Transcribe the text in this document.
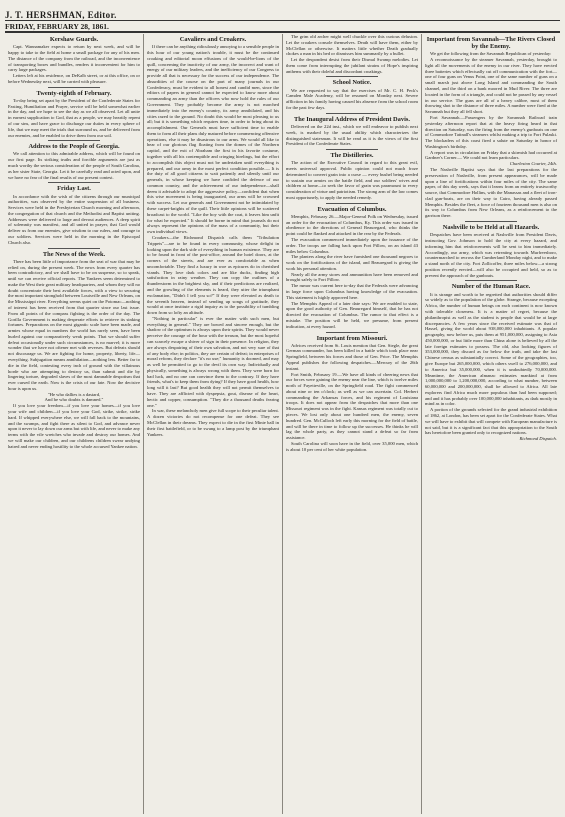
J. T. HERSHMAN, Editor.
FRIDAY, FEBRUARY 28, 1861.
Kershaw Guards.

Capt. Wannamaker expects to return by next week, and will be happy to take to the field at home a small package for any of his men. The distance of the company from the railroad, and the inconvenience of transporting boxes and bundles, renders it inconvenient for him to carry large packages.

Letters left at his residence, on DeKalb street, or at this office, on or before Wednesday next, will be carried with pleasure.

Twenty-eighth of February.

To-day being set apart by the President of the Confederate States for Fasting, Humiliation and Prayer, service will be held somewhat earlier in the day, and we hope to see the day as we all observed. Let all unite in earnest supplication to God, that as a people, we may heartily repent of our sins, and have grace to discharge our duties in every sphere of life, that we may meet the trials that surround us, and be delivered from our enemies, and be enabled to drive them from our soil.

Address to the People of Georgia.

We call attention to this admirable address, which will be found on our first page. Its striking truths and forcible arguments are just as much worthy the serious consideration of the people of South Carolina, as her sister State, Georgia. Let it be carefully read and acted upon, and we have no fear of the final results of our present contest.

Friday Last.

In accordance with the wish of the citizens through our municipal authorities, was observed by the entire suspension of all business. Services were held in the Presbyterian Church morning and afternoon, the congregation of that church and the Methodist and Baptist uniting. Addresses were delivered to large and devout audiences. A deep spirit of solemnity was manifest, and all united in prayer, that God would deliver us from our enemies, give wisdom to our rulers, and courage to our soldiers. Services were held in the morning in the Episcopal Church also.

The News of the Week.

There has been little of importance from the seat of war that may be relied on, during the present week. The news from every quarter has been contradictory, and we shall have to be on suspense, so to speak, until we can receive official reports. The Yankees seem determined to make the West their great military headquarters, and whom they will no doubt concentrate their best available forces, with a view to securing the most important stronghold between Louisville and New Orleans, on the Mississippi river. Everything seems quiet on the Potomac—nothing of interest has been received from that quarter since our last issue. From all points of the compass fighting is the order of the day. The Gorilla Government is making desperate efforts to retrieve its sinking fortunes. Preparations on the most gigantic scale have been made, and armies whose equal in numbers the world has rarely seen, have been hurled against our comparatively weak points. That we should suffer defeat occasionally under such circumstances, is no marvel; it is more wonder that we have not oftener met with reverses. But defeats should not discourage us. We are fighting for home, property, liberty, life—everything. Subjugation means annihilation—nothing less. Better far to die in the field, contesting every inch of ground with the villainous horde who are attempting to destroy us, than submit and die by lingering torture, degraded slaves of the most damnable despotism that ever cursed the earth. Now is the crisis of our fate. Now the decisive hour is upon us.

"He who dallies is a dastard,

And he who doubts is damned."

If you love your freedom—if you love your homes—if you love your wife and children—if you love your God, strike, strike, strike hard. If whipped everywhere else, we will fall back to the mountains, and the swamps, and fight there as silent to God, and advance never upon it never to lay down our arms but with life, and never to make any terms with the vile wretches who invade and destroy our homes. And we will make our children, and our childrens children swear undying hatred and never ending hostility to the whole accursed Yankee nation.

Cavaliers and Croakers.

If there can be anything ridiculously annoying to a sensible people in this hour of our young nation's trouble, it must be the continued croaking and editorial moon effusions of the would-be-lions of the quill, concerning the inactivity of our army, the incorrect and want of energy of our military leaders, and the inefficiency of our Congress to provide all that is necessary for the success of our independence. The absurdities of the course on the part of many journals in our Confederacy, must be evident to all honest and candid men, since the editors of papers in general cannot be expected to know more about commanding an army than the officers who now hold the rules of our Government. They probably become the army is not marched immediately into the enemy's country, its army annihilated, and his cities razed to the ground. No doubt this would be most pleasing to us all; but it is something which requires time, in order to bring about its accomplishment. Our Generals must have sufficient time to enable them to form all their plans duly matured before commencing offensive operations, else it may be disastrous to our arms. We would all like to hear of our glorious flag floating from the domes of the Northern capitol, and the exit of Abraham the first in his favorite costume, together with all his contemptible and cringing hirelings, but the effort to accomplish this object must not be undertaken until everything is prepared, and our army in the most perfect condition possible.— It is the duty of all good citizens to wait patiently and silently until our generals, in whose keeping we have confided the defence of our common country, and the achievement of our independence—shall deem it advisable to adopt the aggressive policy—confident that when this wise movement is being inaugurated, our arms will be crowned with success. Let our generals and Government not be intimidated by these carpet-knights of the quill. Their little opinions will be scattered broadcast to the world. "Like the boy with the coat, it leaves him unfit for what he expected." It should be borne in mind that journals do not always represent the opinions of the mass of a community, but their own individual views.

Croakers—the Richmond Dispatch calls them "Tribulation Trippets"—are to be found in every community, whose delight in looking upon the dark side of everything in human existence. They are to be found in front of the post-office, around the hotel doors, at the corners of the streets, and are ever as comfortable as when uncomfortable. They find a luxury in woe as epicures do in cherished viands. They love dark colors and are like ducks, finding high satisfaction in rainy weather. They can copy the outlines of a thunderstorm in the brightest sky, and if their predictions are realized, and the growling of the elements is heard, they utter the triumphant exclamation, "Didn't I tell you so?" If they were elevated as death to the seventh heaven, instead of sending up songs of gratitude, they would at once institute a rigid inquiry as to the possibility of tumbling down from so lofty an altitude.

"Nothing in particular" is ever the matter with such men, but everything in general." They are bowed and sincere enough, but the shadow of the optimism is always upon their spirits. They would never perceive the courage of the hour with the treason, but the most hopeful can scarcely escape a shiver of sign in their presence. In religion, they are always despairing of their own salvation, and not very sure of that of any body else; in politics, they are certain of defeat; in enterprises of moral reform, they declare "it's no use;" humanity is doomed, and may as well be permitted to go to the devil its own way. Individually and physically, something is always wrong with them. They were born for bad luck, and no one can convince them to the contrary. If they have friends, what's to keep them from dying? If they have good health, how long will it last? But good health they will not permit themselves to have. They are afflicted with dyspepsia, gout, disease of the heart, hectic and copper, consumption. "They die a thousand deaths fearing one."

In war, these melancholy men give full scope to their peculiar talent. A dozen victories do not recompense for one defeat. They see McClellan in their dreams. They expect to die in the first Minie ball in their first battlefield, or to be swung to a lamp post by the triumphant Yankees.

The grim old archer might well chuckle over this curious delusion. Let the croakers console themselves. Death will have them, either by McClellan or otherwise. It matters little whether Death gradually chokes a man in his bed or dismisses him summarily by a bullet.

Let the despondent desist from their Dismal Swamp melodies. Let them come from interrupting the jubilant strains of Hope's inspiring anthems with their doleful and discordant croakings.

School Notice.

We are requested to say that the exercises of Mr. C. H. Peck's Camden Male Academy, will be resumed on Monday next. Severe affliction in his family having caused his absence from the school room for the past few days.

The Inaugural Address of President Davis.

Delivered on the 22d inst., which we will endeavor to publish next week, is marked by the usual ability which characterizes the distinguished statesman. It will be read as it is the views of the first President of the Confederate States.

The Distilleries.

The action of the Executive Council in regard to this great evil, meets universal approval. Public opinion could not much froze determined to convert grain into a curse — every bushel being needed to sustain our armies on the battle field, and our soldiers' wives and children at home—to seek the favor of grain was paramount to every consideration of virtue and patriotism. The strong arm of the law comes most opportunely, to apply the needed remedy.

Evacuation of Columbus.

Memphis, February 26.—Major-General Polk on Wednesday, issued an order for the evacuation of Columbus, Ky. This order was issued in obedience to the directions of General Beauregard, who thinks the point could be flanked and attacked in the rear by the Federals.

The evacuation commenced immediately upon the issuance of the order. The troops are falling back upon Fort Pillow, on an island 43 miles below Columbus.

The planters along the river have furnished one thousand negroes to work on the fortifications of the island, and Beauregard is giving the work his personal attention.

Nearly all the army stores and ammunition have been removed and brought safely to Fort Pillow.

The rumor was current here to-day that the Federals were advancing in large force upon Columbus having knowledge of the evacuation. This statement is highly approved here.

The Memphis Appeal of a later date says: We are enabled to state, upon the good authority of Gen. Beauregard himself, that he has not directed the evacuation of Columbus. The rumor to that effect is a mistake. The position will be held, we presume, from present indication, at every hazard.

Important from Missouri.

Advices received from St. Louis mention that Gen. Siegle, the great German commander, has been killed in a battle which took place near Springfield, between his forces and those of Gen. Price. The Memphis Appeal publishes the following despatches.—Mercury of the 26th instant.

Fort Smith, February 19.—We have all kinds of cheering news that our forces were gaining the enemy near the line, which is twelve miles north of Fayetteville, on the Springfield road. The fight commenced about nine or ten o'clock; as well as we can ascertain. Col. Herbert commanding the Arkansas forces, and his regiment of Louisiana troops. It does not appear from the despatches that more than one Missouri regiment was in the fight. Kansas regiment was totally cut to pieces. We lost only about one hundred men, the enemy, seven hundred. Gen. McCulloch left early this morning for the field of battle, and will be there in time to follow up the successes. He thinks he will lag the whole party, as they cannot stand a defeat so far from assistance.

South Carolina will soon have in the field, over 35,000 men, which is about 10 per cent of her white population.

Important from Savannah—The Rivers Closed by the Enemy.

We get the following from the Savannah Republican of yesterday:

A reconnoissance by the steamer Savannah, yesterday, brought to light all the movements of the enemy in our river. They have erected three batteries which effectually cut off communication with the fort—one of four guns on Venus Point, one of the same number of guns on a small marsh just above Long Island and commanding the South channel, and the third on a bank moored in Mud River. The three are located in the form of a triangle, and could not be passed by any vessel in our service. The guns are all of a heavy calibre, most of them throwing shot to the distance of three miles. A number were fired at the Savannah but they all fell short.

Fort Savannah.—Passengers by the Savannah Railroad train yesterday afternoon report that at the heavy firing heard in that direction on Saturday, was the firing from the enemy's gunboats on one of Commodore Tattnall's steamers whilst making a trip to Fort Pulaski. The blockaders of this coast fired a salute on Saturday in honor of Washington's birthday.

A report was in circulation on Friday that a skirmish had occurred at Gardner's Corner.— We could not learn particulars.

Charleston Courier, 24th.

The Nashville Baptist says that the last preparations for the preservation of Nashville, from present appearances, will be made upon a line of fortifications within four miles of the city. The same paper, of this day week, says that it learns from an entirely trustworthy source, that Commodore Hollins, with the Manassas and a fleet of iron-clad gun-boats, are on their way to Cairo, having already passed Memphis. Besides the fleet, a force of fourteen thousand men is also on its way to Columbus from New Orleans, as a reinforcement to the garrison there.

Nashville to be Held at all Hazards.

Despatches have been received at Nashville from President Davis, instructing Gov. Johnson to hold the city at every hazard, and informing him that reinforcements will be sent to him immediately. Accordingly, our army, which was retreating towards Murfreesboro, countermarched to recross the Cumberland Monday night, and to make a stand north of the city. Fort Zollicoffer, three miles below—a strong position recently erected—will also be occupied and held, so as to prevent the approach of the gunboats.

Number of the Human Race.

It is strange and worth to be regretted that authorities should differ so widely as to the population of the globe. Strange, because excepting Africa, the number of human beings on each continent is now known with tolerable closeness. It is a matter of regret, because the philanthropist as well as the student is people that would be at large discrepancies. A few years since the received estimate was that of Hassel, giving the world about 938,000,000 inhabitants. A popular geography, now before us, puts them at 951,000,000, assigning to Asia 450,000,000, or but little more than China alone is believed by all the late foreign estimates to possess. The old, also looking figures of 353,000,000, they discard as far below the truth, and take the last Chinese census as substantially correct. Some of the geographies, too, give Europe but 265,000,000, which others swell to 276,000,000, and to America but 35,000,000, when it is undoubtedly 70,000,000. Meantime, the American almanac estimates mankind at from 1,000,000,000 to 1,200,000,000, according to what number, between 60,000,000 and 200,000,000, shall be allowed to Africa. All late explorers find Africa much more populous than had been supposed; and and it has probably over 100,000,000 inhabitants, as dark mostly in mind as in color.

A portion of the grounds selected for the grand industrial exhibition of 1862, at London, has been set apart for the Confederate States. What we will have to exhibit that will compete with European manufacture is not said, but it is a significant fact that this appropriation to the South has heretofore been granted only to recognized nations.

Richmond Dispatch.
